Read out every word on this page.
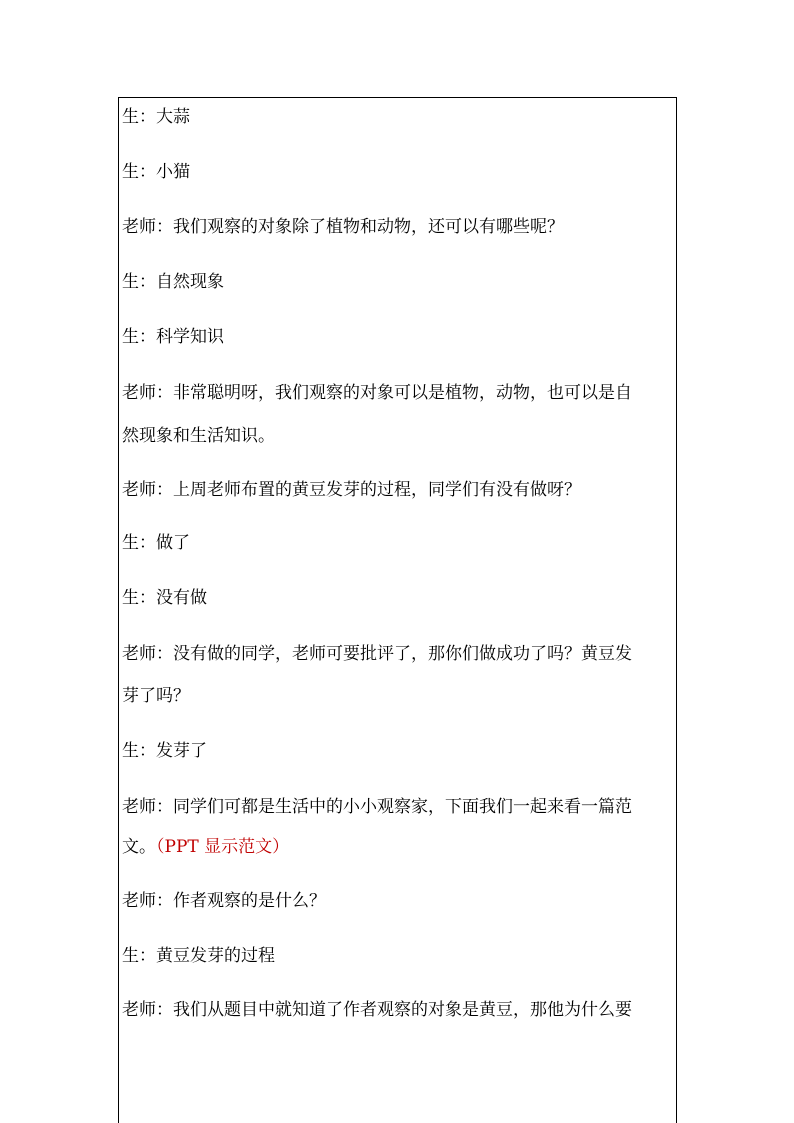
生：大蒜
生：小猫
老师：我们观察的对象除了植物和动物，还可以有哪些呢？
生：自然现象
生：科学知识
老师：非常聪明呀，我们观察的对象可以是植物，动物，也可以是自
然现象和生活知识。
老师：上周老师布置的黄豆发芽的过程，同学们有没有做呀？
生：做了
生：没有做
老师：没有做的同学，老师可要批评了，那你们做成功了吗？黄豆发
芽了吗？
生：发芽了
老师：同学们可都是生活中的小小观察家，下面我们一起来看一篇范
文。（PPT 显示范文）
老师：作者观察的是什么？
生：黄豆发芽的过程
老师：我们从题目中就知道了作者观察的对象是黄豆，那他为什么要
